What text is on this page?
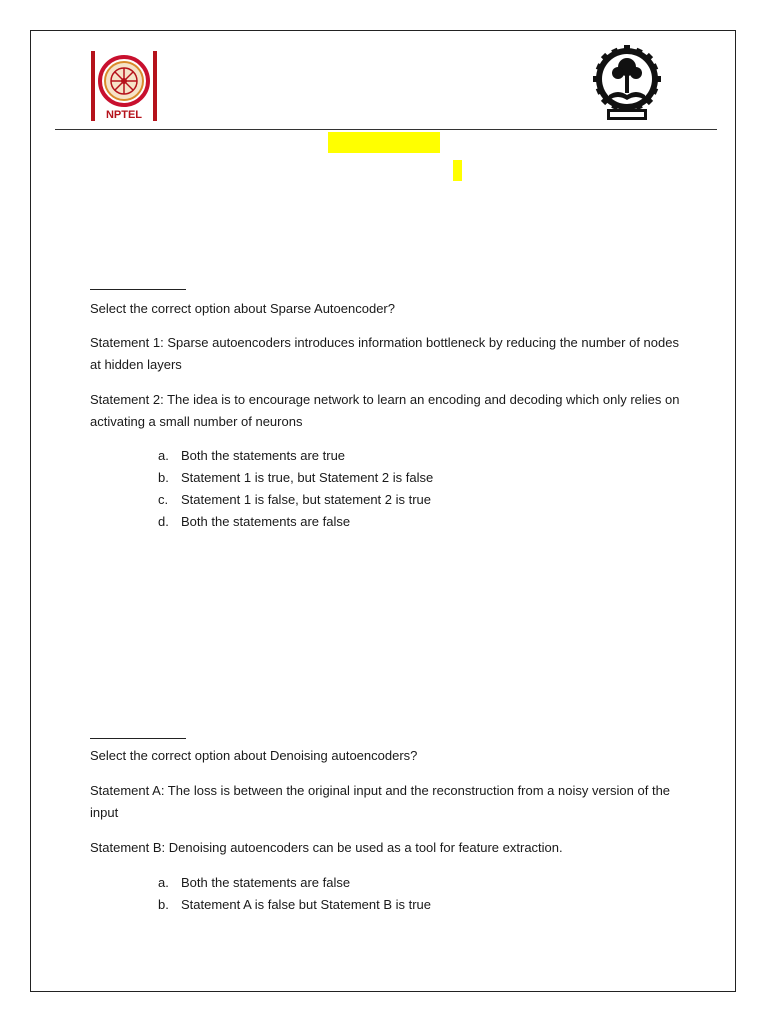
NPTEL

Select the correct option about Sparse Autoencoder?

Statement 1: Sparse autoencoders introduces information bottleneck by reducing the number of nodes at hidden layers

Statement 2: The idea is to encourage network to learn an encoding and decoding which only relies on activating a small number of neurons

a. Both the statements are true
b. Statement 1 is true, but Statement 2 is false
c. Statement 1 is false, but statement 2 is true
d. Both the statements are false

Select the correct option about Denoising autoencoders?

Statement A: The loss is between the original input and the reconstruction from a noisy version of the input

Statement B: Denoising autoencoders can be used as a tool for feature extraction.

a. Both the statements are false
b. Statement A is false but Statement B is true
